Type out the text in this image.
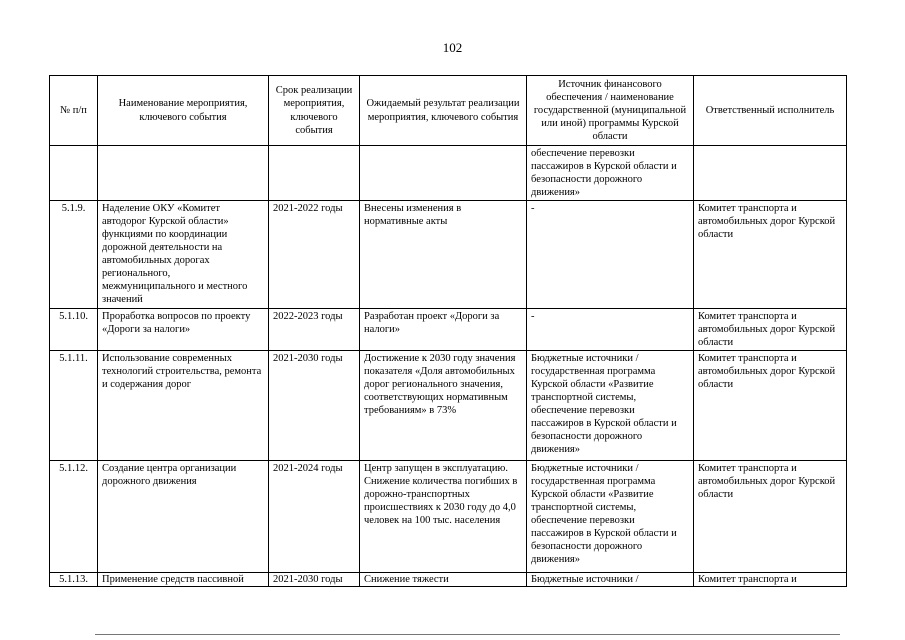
102
№ п/п	Наименование мероприятия, ключевого события	Срок реализации мероприятия, ключевого события	Ожидаемый результат реализации мероприятия, ключевого события	Источник финансового обеспечения / наименование государственной (муниципальной или иной) программы Курской области	Ответственный исполнитель
				обеспечение перевозки пассажиров в Курской области и безопасности дорожного движения»	
5.1.9.	Наделение ОКУ «Комитет автодорог Курской области» функциями по координации дорожной деятельности на автомобильных дорогах регионального, межмуниципального и местного значений	2021-2022 годы	Внесены изменения в нормативные акты	-	Комитет транспорта и автомобильных дорог Курской области
5.1.10.	Проработка вопросов по проекту «Дороги за налоги»	2022-2023 годы	Разработан проект «Дороги за налоги»	-	Комитет транспорта и автомобильных дорог Курской области
5.1.11.	Использование современных технологий строительства, ремонта и содержания дорог	2021-2030 годы	Достижение к 2030 году значения показателя «Доля автомобильных дорог регионального значения, соответствующих нормативным требованиям» в 73%	Бюджетные источники / государственная программа Курской области «Развитие транспортной системы, обеспечение перевозки пассажиров в Курской области и безопасности дорожного движения»	Комитет транспорта и автомобильных дорог Курской области
5.1.12.	Создание центра организации дорожного движения	2021-2024 годы	Центр запущен в эксплуатацию. Снижение количества погибших в дорожно-транспортных происшествиях к 2030 году до 4,0 человек на 100 тыс. населения	Бюджетные источники / государственная программа Курской области «Развитие транспортной системы, обеспечение перевозки пассажиров в Курской области и безопасности дорожного движения»	Комитет транспорта и автомобильных дорог Курской области
5.1.13.	Применение средств пассивной	2021-2030 годы	Снижение тяжести	Бюджетные источники /	Комитет транспорта и
